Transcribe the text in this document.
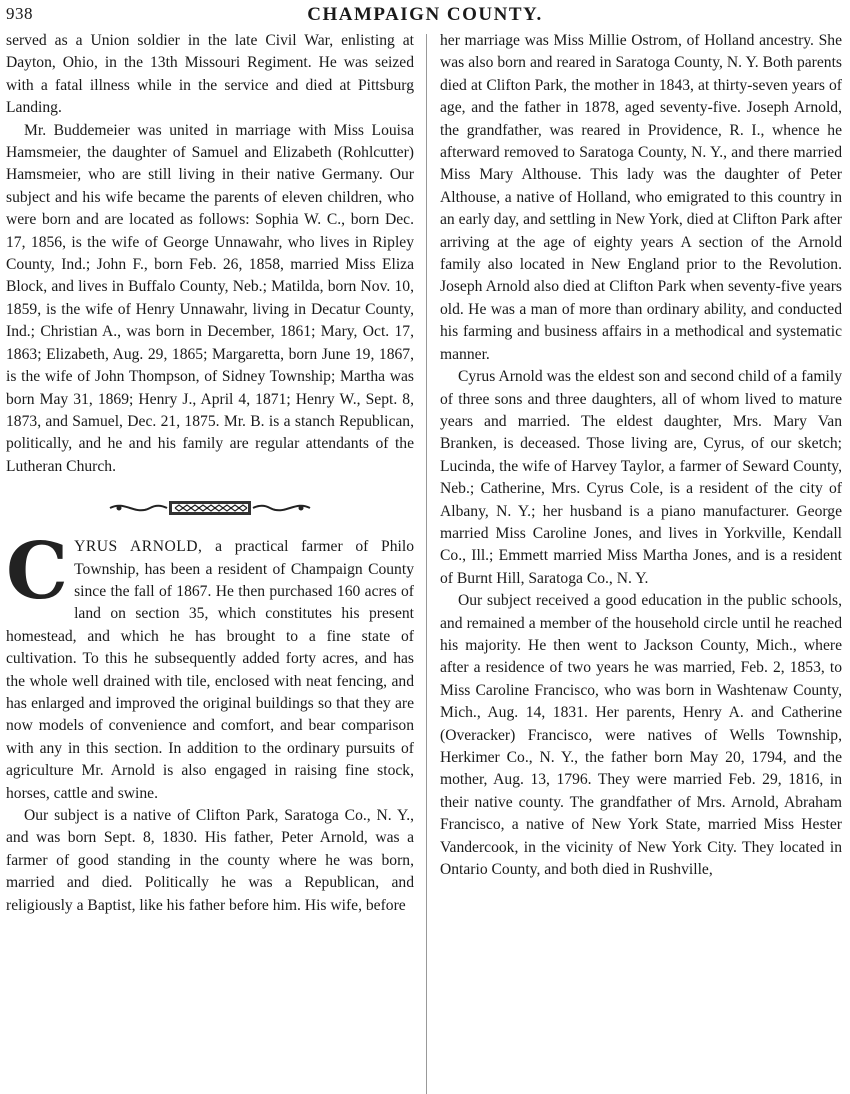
938	CHAMPAIGN COUNTY.

served as a Union soldier in the late Civil War, enlisting at Dayton, Ohio, in the 13th Missouri Regiment. He was seized with a fatal illness while in the service and died at Pittsburg Landing.

Mr. Buddemeier was united in marriage with Miss Louisa Hamsmeier, the daughter of Samuel and Elizabeth (Rohlcutter) Hamsmeier, who are still living in their native Germany. Our subject and his wife became the parents of eleven children, who were born and are located as follows: Sophia W. C., born Dec. 17, 1856, is the wife of George Unnawahr, who lives in Ripley County, Ind.; John F., born Feb. 26, 1858, married Miss Eliza Block, and lives in Buffalo County, Neb.; Matilda, born Nov. 10, 1859, is the wife of Henry Unnawahr, living in Decatur County, Ind.; Christian A., was born in December, 1861; Mary, Oct. 17, 1863; Elizabeth, Aug. 29, 1865; Margaretta, born June 19, 1867, is the wife of John Thompson, of Sidney Township; Martha was born May 31, 1869; Henry J., April 4, 1871; Henry W., Sept. 8, 1873, and Samuel, Dec. 21, 1875. Mr. B. is a stanch Republican, politically, and he and his family are regular attendants of the Lutheran Church.

CYRUS ARNOLD, a practical farmer of Philo Township, has been a resident of Champaign County since the fall of 1867. He then purchased 160 acres of land on section 35, which constitutes his present homestead, and which he has brought to a fine state of cultivation. To this he subsequently added forty acres, and has the whole well drained with tile, enclosed with neat fencing, and has enlarged and improved the original buildings so that they are now models of convenience and comfort, and bear comparison with any in this section. In addition to the ordinary pursuits of agriculture Mr. Arnold is also engaged in raising fine stock, horses, cattle and swine.

Our subject is a native of Clifton Park, Saratoga Co., N. Y., and was born Sept. 8, 1830. His father, Peter Arnold, was a farmer of good standing in the county where he was born, married and died. Politically he was a Republican, and religiously a Baptist, like his father before him. His wife, before

her marriage was Miss Millie Ostrom, of Holland ancestry. She was also born and reared in Saratoga County, N. Y. Both parents died at Clifton Park, the mother in 1843, at thirty-seven years of age, and the father in 1878, aged seventy-five. Joseph Arnold, the grandfather, was reared in Providence, R. I., whence he afterward removed to Saratoga County, N. Y., and there married Miss Mary Althouse. This lady was the daughter of Peter Althouse, a native of Holland, who emigrated to this country in an early day, and settling in New York, died at Clifton Park after arriving at the age of eighty years A section of the Arnold family also located in New England prior to the Revolution. Joseph Arnold also died at Clifton Park when seventy-five years old. He was a man of more than ordinary ability, and conducted his farming and business affairs in a methodical and systematic manner.

Cyrus Arnold was the eldest son and second child of a family of three sons and three daughters, all of whom lived to mature years and married. The eldest daughter, Mrs. Mary Van Branken, is deceased. Those living are, Cyrus, of our sketch; Lucinda, the wife of Harvey Taylor, a farmer of Seward County, Neb.; Catherine, Mrs. Cyrus Cole, is a resident of the city of Albany, N. Y.; her husband is a piano manufacturer. George married Miss Caroline Jones, and lives in Yorkville, Kendall Co., Ill.; Emmett married Miss Martha Jones, and is a resident of Burnt Hill, Saratoga Co., N. Y.

Our subject received a good education in the public schools, and remained a member of the household circle until he reached his majority. He then went to Jackson County, Mich., where after a residence of two years he was married, Feb. 2, 1853, to Miss Caroline Francisco, who was born in Washtenaw County, Mich., Aug. 14, 1831. Her parents, Henry A. and Catherine (Overacker) Francisco, were natives of Wells Township, Herkimer Co., N. Y., the father born May 20, 1794, and the mother, Aug. 13, 1796. They were married Feb. 29, 1816, in their native county. The grandfather of Mrs. Arnold, Abraham Francisco, a native of New York State, married Miss Hester Vandercook, in the vicinity of New York City. They located in Ontario County, and both died in Rushville,
